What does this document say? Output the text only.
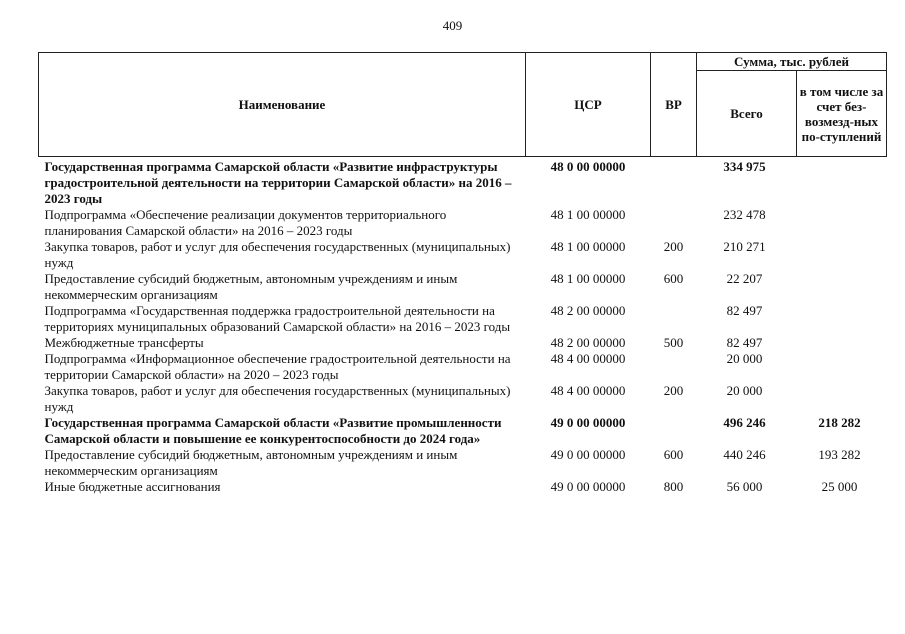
409
Наименование	ЦСР	ВР	Сумма, тыс. рублей	
			Всего	в том числе за счет без-возмезд-ных по-ступлений
Государственная программа Самарской области «Развитие инфраструктуры градостроительной деятельности на территории Самарской области» на 2016 – 2023 годы	48 0 00 00000		334 975	
Подпрограмма «Обеспечение реализации документов территориального планирования Самарской области» на 2016 – 2023 годы	48 1 00 00000		232 478	
Закупка товаров, работ и услуг для обеспечения государственных (муниципальных) нужд	48 1 00 00000	200	210 271	
Предоставление субсидий бюджетным, автономным учреждениям и иным некоммерческим организациям	48 1 00 00000	600	22 207	
Подпрограмма «Государственная поддержка градостроительной деятельности на территориях муниципальных образований Самарской области» на 2016 – 2023 годы	48 2 00 00000		82 497	
Межбюджетные трансферты	48 2 00 00000	500	82 497	
Подпрограмма «Информационное обеспечение градостроительной деятельности на территории Самарской области» на 2020 – 2023 годы	48 4 00 00000		20 000	
Закупка товаров, работ и услуг для обеспечения государственных (муниципальных) нужд	48 4 00 00000	200	20 000	
Государственная программа Самарской области «Развитие промышленности Самарской области и повышение ее конкурентоспособности до 2024 года»	49 0 00 00000		496 246	218 282
Предоставление субсидий бюджетным, автономным учреждениям и иным некоммерческим организациям	49 0 00 00000	600	440 246	193 282
Иные бюджетные ассигнования	49 0 00 00000	800	56 000	25 000
